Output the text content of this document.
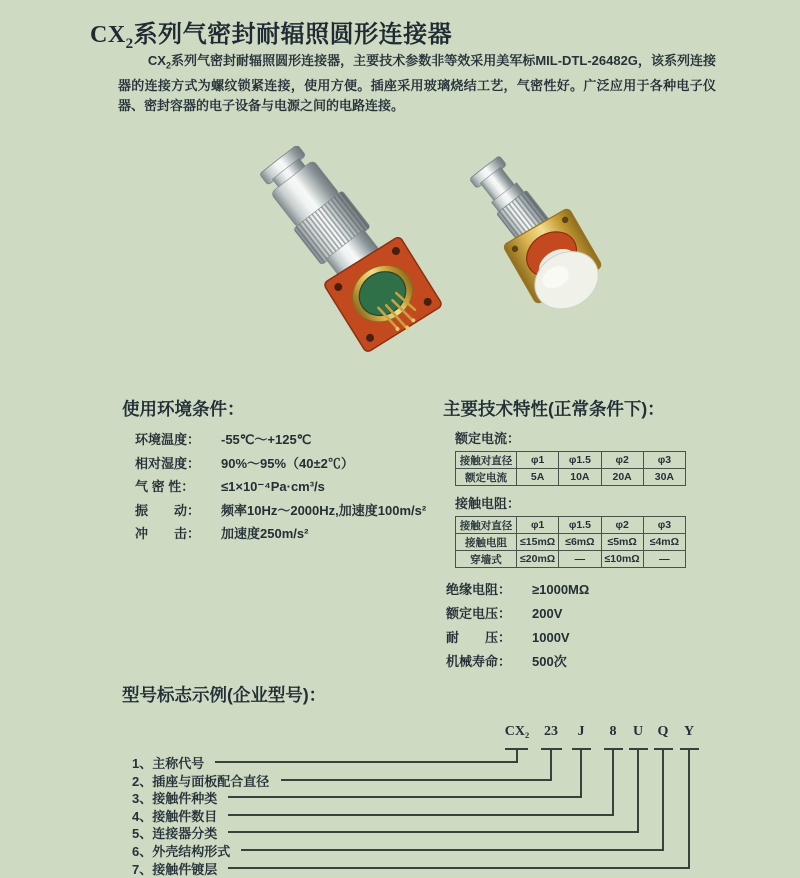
$CX_2$系列气密封耐辐照圆形连接器
$CX_2$系列气密封耐辐照圆形连接器，主要技术参数非等效采用美军标MIL-DTL-26482G，该系列连接器的连接方式为螺纹锁紧连接，使用方便。插座采用玻璃烧结工艺，气密性好。广泛应用于各种电子仪器、密封容器的电子设备与电源之间的电路连接。
使用环境条件：
环境温度： -55℃～+125℃
相对湿度： 90%～95%（40±2℃）
气 密 性： ≤1×10⁻⁴Pa·cm³/s
振　　动： 频率10Hz～2000Hz,加速度100m/s²
冲　　击： 加速度250m/s²
主要技术特性(正常条件下)：
额定电流：
接触对直径	φ1	φ1.5	φ2	φ3
额定电流	5A	10A	20A	30A
接触电阻：
接触对直径	φ1	φ1.5	φ2	φ3
接触电阻	≤15mΩ	≤6mΩ	≤5mΩ	≤4mΩ
穿墙式	≤20mΩ	—	≤10mΩ	—
绝缘电阻： ≥1000MΩ
额定电压： 200V
耐　　压： 1000V
机械寿命： 500次
型号标志示例(企业型号)：
CX₂	23	J	8	U	Q	Y
1、主称代号
2、插座与面板配合直径
3、接触件种类
4、接触件数目
5、连接器分类
6、外壳结构形式
7、接触件镀层
